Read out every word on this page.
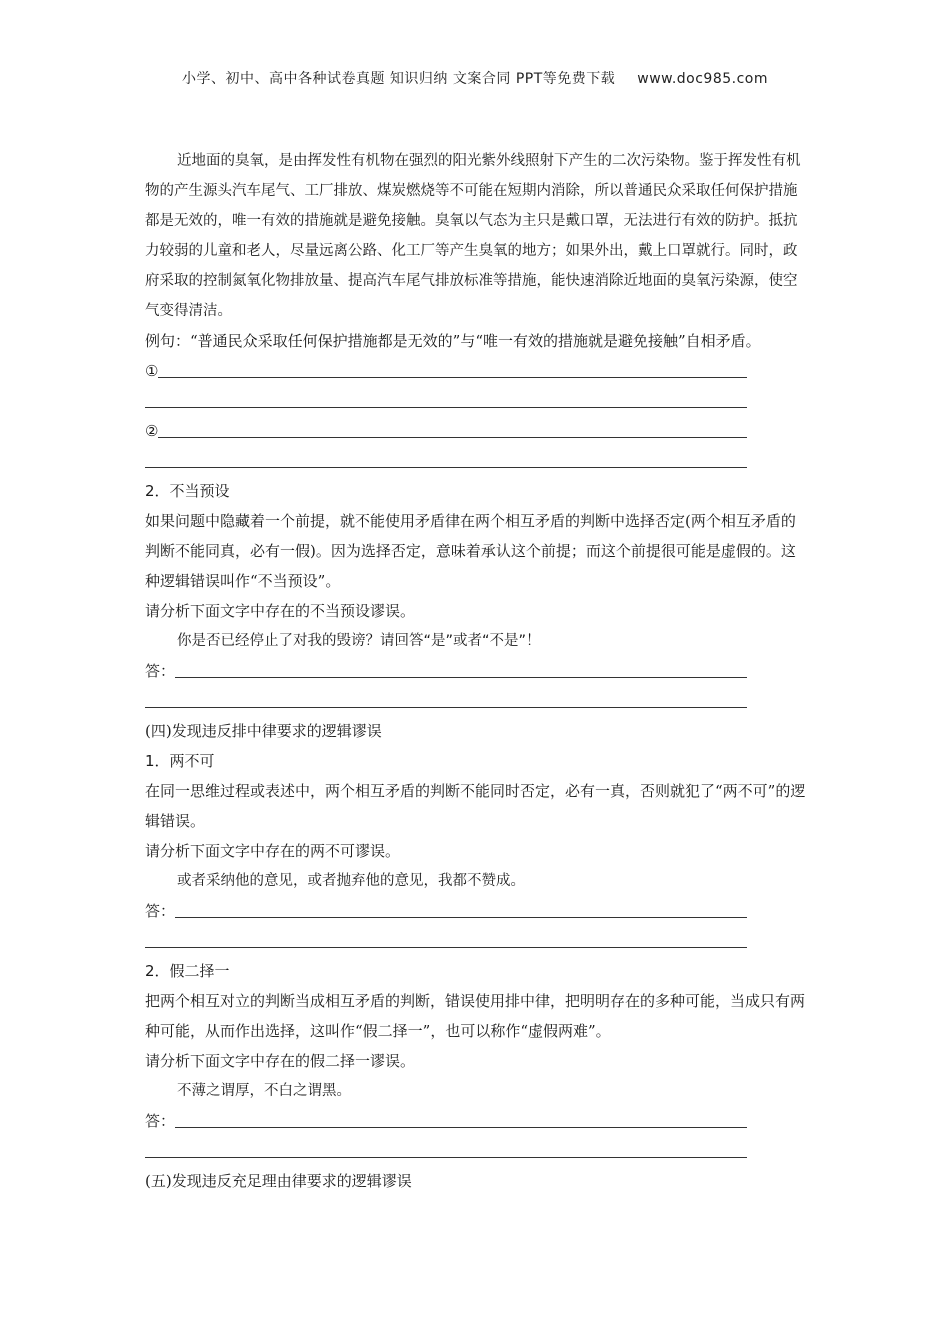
小学、初中、高中各种试卷真题 知识归纳 文案合同 PPT等免费下载 www.doc985.com

近地面的臭氧，是由挥发性有机物在强烈的阳光紫外线照射下产生的二次污染物。鉴于挥发性有机物的产生源头汽车尾气、工厂排放、煤炭燃烧等不可能在短期内消除，所以普通民众采取任何保护措施都是无效的，唯一有效的措施就是避免接触。臭氧以气态为主只是戴口罩，无法进行有效的防护。抵抗力较弱的儿童和老人，尽量远离公路、化工厂等产生臭氧的地方；如果外出，戴上口罩就行。同时，政府采取的控制氮氧化物排放量、提高汽车尾气排放标准等措施，能快速消除近地面的臭氧污染源，使空气变得清洁。

例句：“普通民众采取任何保护措施都是无效的”与“唯一有效的措施就是避免接触”自相矛盾。

①
②

2．不当预设

如果问题中隐藏着一个前提，就不能使用矛盾律在两个相互矛盾的判断中选择否定(两个相互矛盾的判断不能同真，必有一假)。因为选择否定，意味着承认这个前提；而这个前提很可能是虚假的。这种逻辑错误叫作“不当预设”。

请分析下面文字中存在的不当预设谬误。

你是否已经停止了对我的毁谤？请回答“是”或者“不是”！

答：

(四)发现违反排中律要求的逻辑谬误

1．两不可

在同一思维过程或表述中，两个相互矛盾的判断不能同时否定，必有一真，否则就犯了“两不可”的逻辑错误。

请分析下面文字中存在的两不可谬误。

或者采纳他的意见，或者抛弃他的意见，我都不赞成。

答：

2．假二择一

把两个相互对立的判断当成相互矛盾的判断，错误使用排中律，把明明存在的多种可能，当成只有两种可能，从而作出选择，这叫作“假二择一”，也可以称作“虚假两难”。

请分析下面文字中存在的假二择一谬误。

不薄之谓厚，不白之谓黑。

答：

(五)发现违反充足理由律要求的逻辑谬误
